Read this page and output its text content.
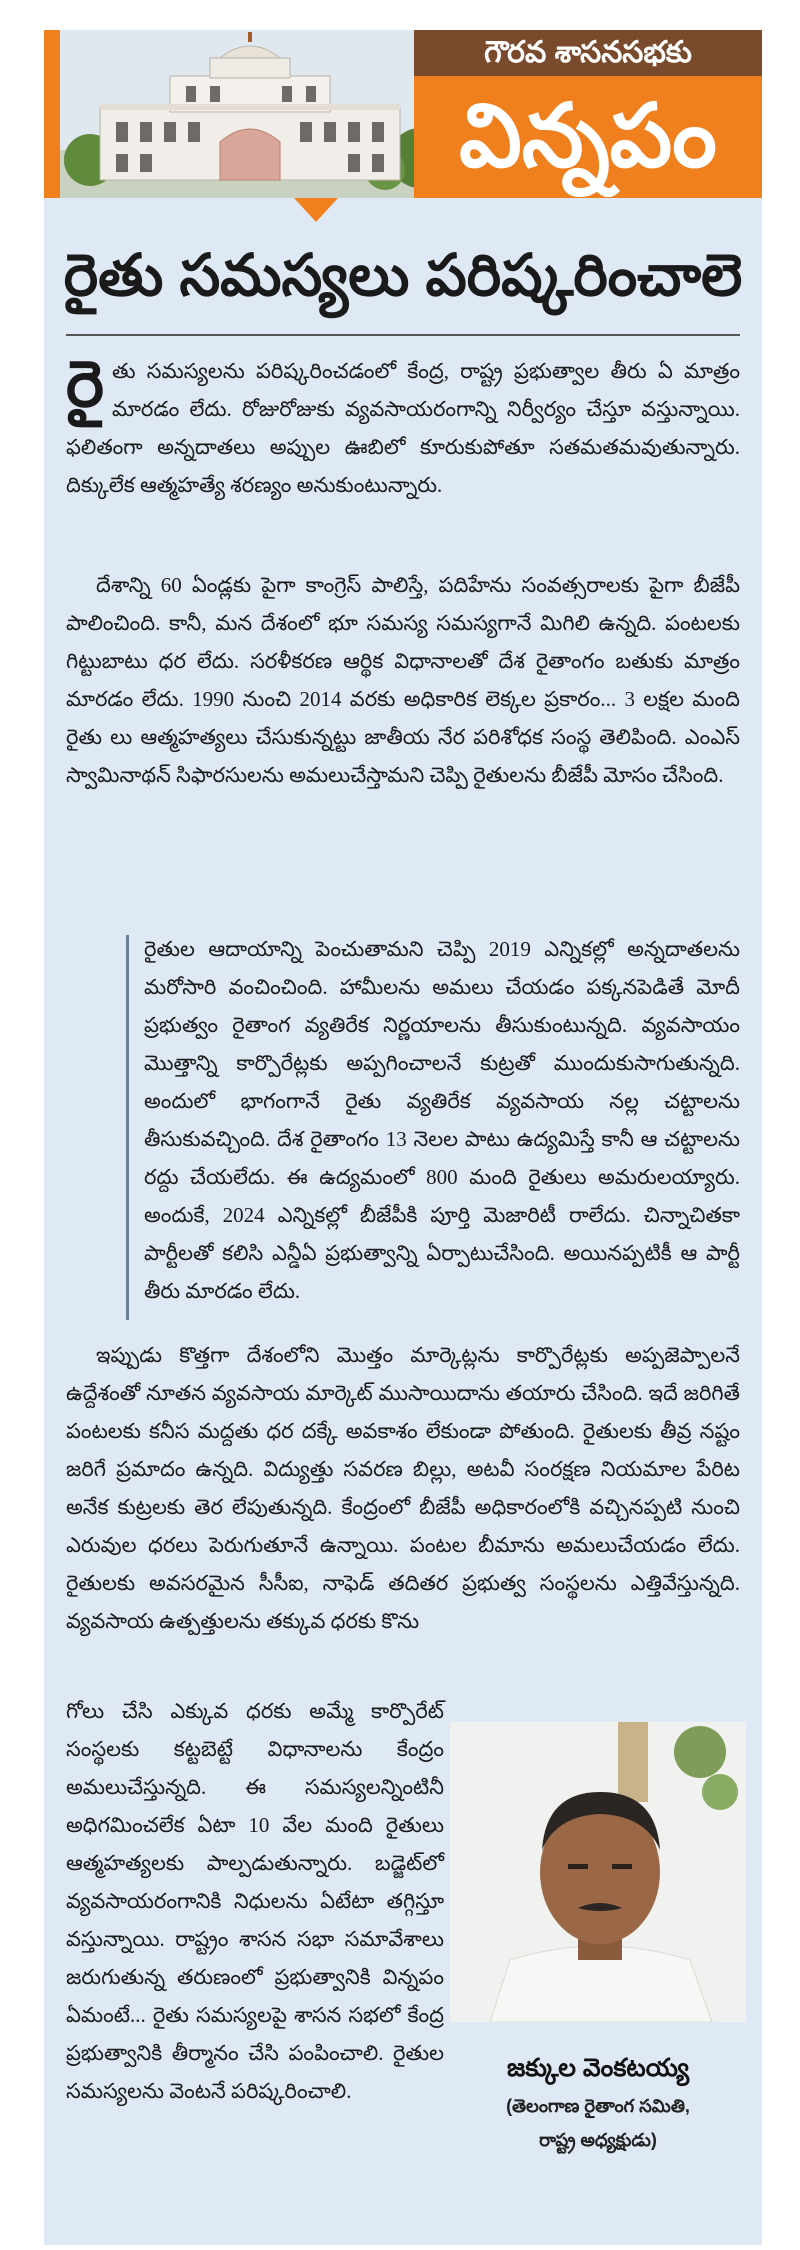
గౌరవ శాసనసభకు
విన్నపం
రైతు సమస్యలు పరిష్కరించాలె

రైతు సమస్యలను పరిష్కరించడంలో కేంద్ర, రాష్ట్ర ప్రభుత్వాల తీరు ఏ మాత్రం మారడం లేదు. రోజురోజుకు వ్యవసాయరంగాన్ని నిర్వీర్యం చేస్తూ వస్తున్నాయి. ఫలితంగా అన్నదాతలు అప్పుల ఊబిలో కూరుకుపోతూ సతమతమవుతున్నారు. దిక్కులేక ఆత్మహత్యే శరణ్యం అనుకుంటున్నారు.

దేశాన్ని 60 ఏండ్లకు పైగా కాంగ్రెస్ పాలిస్తే, పదిహేను సంవత్సరాలకు పైగా బీజేపీ పాలించింది. కానీ, మన దేశంలో భూ సమస్య సమస్యగానే మిగిలి ఉన్నది. పంటలకు గిట్టుబాటు ధర లేదు. సరళీకరణ ఆర్థిక విధానాలతో దేశ రైతాంగం బతుకు మాత్రం మారడం లేదు. 1990 నుంచి 2014 వరకు అధికారిక లెక్కల ప్రకారం... 3 లక్షల మంది రైతు లు ఆత్మహత్యలు చేసుకున్నట్టు జాతీయ నేర పరిశోధక సంస్థ తెలిపింది. ఎంఎస్ స్వామినాథన్ సిఫారసులను అమలుచేస్తామని చెప్పి రైతులను బీజేపీ మోసం చేసింది.

రైతుల ఆదాయాన్ని పెంచుతామని చెప్పి 2019 ఎన్నికల్లో అన్నదాతలను మరోసారి వంచించింది. హామీలను అమలు చేయడం పక్కనపెడితే మోదీ ప్రభుత్వం రైతాంగ వ్యతిరేక నిర్ణయాలను తీసుకుంటున్నది. వ్యవసాయం మొత్తాన్ని కార్పొరేట్లకు అప్పగించాలనే కుట్రతో ముందుకుసాగుతున్నది. అందులో భాగంగానే రైతు వ్యతిరేక వ్యవసాయ నల్ల చట్టాలను తీసుకువచ్చింది. దేశ రైతాంగం 13 నెలల పాటు ఉద్యమిస్తే కానీ ఆ చట్టాలను రద్దు చేయలేదు. ఈ ఉద్యమంలో 800 మంది రైతులు అమరులయ్యారు. అందుకే, 2024 ఎన్నికల్లో బీజేపీకి పూర్తి మెజారిటీ రాలేదు. చిన్నాచితకా పార్టీలతో కలిసి ఎన్డీఏ ప్రభుత్వాన్ని ఏర్పాటుచేసింది. అయినప్పటికీ ఆ పార్టీ తీరు మారడం లేదు.

ఇప్పుడు కొత్తగా దేశంలోని మొత్తం మార్కెట్లను కార్పొరేట్లకు అప్పజెప్పాలనే ఉద్దేశంతో నూతన వ్యవసాయ మార్కెట్ ముసాయిదాను తయారు చేసింది. ఇదే జరిగితే పంటలకు కనీస మద్దతు ధర దక్కే అవకాశం లేకుండా పోతుంది. రైతులకు తీవ్ర నష్టం జరిగే ప్రమాదం ఉన్నది. విద్యుత్తు సవరణ బిల్లు, అటవీ సంరక్షణ నియమాల పేరిట అనేక కుట్రలకు తెర లేపుతున్నది. కేంద్రంలో బీజేపీ అధికారంలోకి వచ్చినప్పటి నుంచి ఎరువుల ధరలు పెరుగుతూనే ఉన్నాయి. పంటల బీమాను అమలుచేయడం లేదు. రైతులకు అవసరమైన సీసీఐ, నాఫెడ్ తదితర ప్రభుత్వ సంస్థలను ఎత్తివేస్తున్నది. వ్యవసాయ ఉత్పత్తులను తక్కువ ధరకు కొను

గోలు చేసి ఎక్కువ ధరకు అమ్మే కార్పొరేట్ సంస్థలకు కట్టబెట్టే విధానాలను కేంద్రం అమలుచేస్తున్నది. ఈ సమస్యలన్నింటినీ అధిగమించలేక ఏటా 10 వేల మంది రైతులు ఆత్మహత్యలకు పాల్పడుతున్నారు. బడ్జెట్‌లో వ్యవసాయరంగానికి నిధులను ఏటేటా తగ్గిస్తూ వస్తున్నాయి. రాష్ట్రం శాసన సభా సమావేశాలు జరుగుతున్న తరుణంలో ప్రభుత్వానికి విన్నపం ఏమంటే... రైతు సమస్యలపై శాసన సభలో కేంద్ర ప్రభుత్వానికి తీర్మానం చేసి పంపించాలి. రైతుల సమస్యలను వెంటనే పరిష్కరించాలి.

జక్కుల వెంకటయ్య
(తెలంగాణ రైతాంగ సమితి,
రాష్ట్ర అధ్యక్షుడు)
